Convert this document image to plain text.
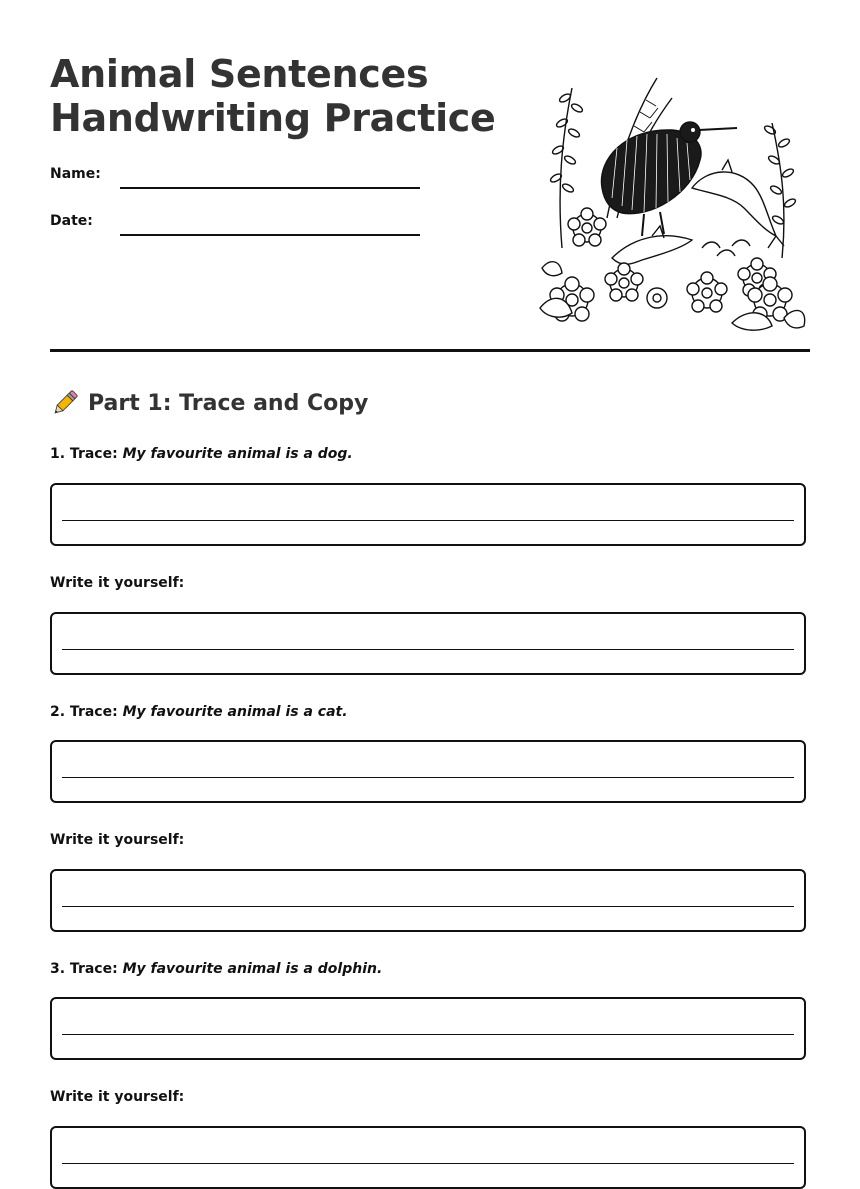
Animal Sentences
Handwriting Practice
Name:
Date:
Part 1: Trace and Copy
1. Trace: My favourite animal is a dog.
Write it yourself:
2. Trace: My favourite animal is a cat.
Write it yourself:
3. Trace: My favourite animal is a dolphin.
Write it yourself:
